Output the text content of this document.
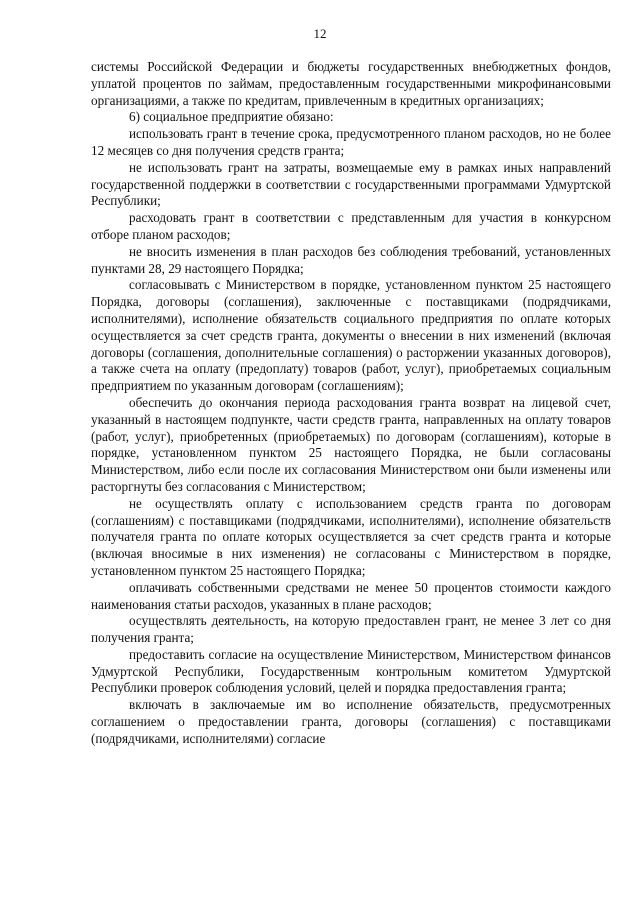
12

системы Российской Федерации и бюджеты государственных внебюджетных фондов, уплатой процентов по займам, предоставленным государственными микрофинансовыми организациями, а также по кредитам, привлеченным в кредитных организациях;

6) социальное предприятие обязано:

использовать грант в течение срока, предусмотренного планом расходов, но не более 12 месяцев со дня получения средств гранта;

не использовать грант на затраты, возмещаемые ему в рамках иных направлений государственной поддержки в соответствии с государственными программами Удмуртской Республики;

расходовать грант в соответствии с представленным для участия в конкурсном отборе планом расходов;

не вносить изменения в план расходов без соблюдения требований, установленных пунктами 28, 29 настоящего Порядка;

согласовывать с Министерством в порядке, установленном пунктом 25 настоящего Порядка, договоры (соглашения), заключенные с поставщиками (подрядчиками, исполнителями), исполнение обязательств социального предприятия по оплате которых осуществляется за счет средств гранта, документы о внесении в них изменений (включая договоры (соглашения, дополнительные соглашения) о расторжении указанных договоров), а также счета на оплату (предоплату) товаров (работ, услуг), приобретаемых социальным предприятием по указанным договорам (соглашениям);

обеспечить до окончания периода расходования гранта возврат на лицевой счет, указанный в настоящем подпункте, части средств гранта, направленных на оплату товаров (работ, услуг), приобретенных (приобретаемых) по договорам (соглашениям), которые в порядке, установленном пунктом 25 настоящего Порядка, не были согласованы Министерством, либо если после их согласования Министерством они были изменены или расторгнуты без согласования с Министерством;

не осуществлять оплату с использованием средств гранта по договорам (соглашениям) с поставщиками (подрядчиками, исполнителями), исполнение обязательств получателя гранта по оплате которых осуществляется за счет средств гранта и которые (включая вносимые в них изменения) не согласованы с Министерством в порядке, установленном пунктом 25 настоящего Порядка;

оплачивать собственными средствами не менее 50 процентов стоимости каждого наименования статьи расходов, указанных в плане расходов;

осуществлять деятельность, на которую предоставлен грант, не менее 3 лет со дня получения гранта;

предоставить согласие на осуществление Министерством, Министерством финансов Удмуртской Республики, Государственным контрольным комитетом Удмуртской Республики проверок соблюдения условий, целей и порядка предоставления гранта;

включать в заключаемые им во исполнение обязательств, предусмотренных соглашением о предоставлении гранта, договоры (соглашения) с поставщиками (подрядчиками, исполнителями) согласие
